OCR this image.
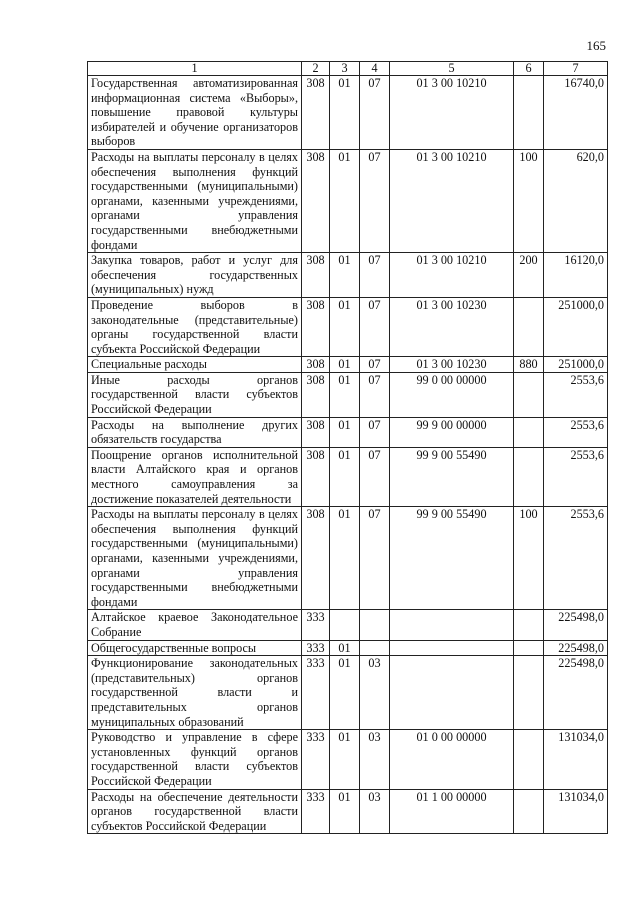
165
1	2	3	4	5	6	7
Государственная автоматизированная информационная система «Выборы», повышение правовой культуры избирателей и обучение организаторов выборов	308	01	07	01 3 00 10210		16740,0
Расходы на выплаты персоналу в целях обеспечения выполнения функций государственными (муниципальными) органами, казенными учреждениями, органами управления государственными внебюджетными фондами	308	01	07	01 3 00 10210	100	620,0
Закупка товаров, работ и услуг для обеспечения государственных (муниципальных) нужд	308	01	07	01 3 00 10210	200	16120,0
Проведение выборов в законодательные (представительные) органы государственной власти субъекта Российской Федерации	308	01	07	01 3 00 10230		251000,0
Специальные расходы	308	01	07	01 3 00 10230	880	251000,0
Иные расходы органов государственной власти субъектов Российской Федерации	308	01	07	99 0 00 00000		2553,6
Расходы на выполнение других обязательств государства	308	01	07	99 9 00 00000		2553,6
Поощрение органов исполнительной власти Алтайского края и органов местного самоуправления за достижение показателей деятельности	308	01	07	99 9 00 55490		2553,6
Расходы на выплаты персоналу в целях обеспечения выполнения функций государственными (муниципальными) органами, казенными учреждениями, органами управления государственными внебюджетными фондами	308	01	07	99 9 00 55490	100	2553,6
Алтайское краевое Законодательное Собрание	333					225498,0
Общегосударственные вопросы	333	01				225498,0
Функционирование законодательных (представительных) органов государственной власти и представительных органов муниципальных образований	333	01	03			225498,0
Руководство и управление в сфере установленных функций органов государственной власти субъектов Российской Федерации	333	01	03	01 0 00 00000		131034,0
Расходы на обеспечение деятельности органов государственной власти субъектов Российской Федерации	333	01	03	01 1 00 00000		131034,0
